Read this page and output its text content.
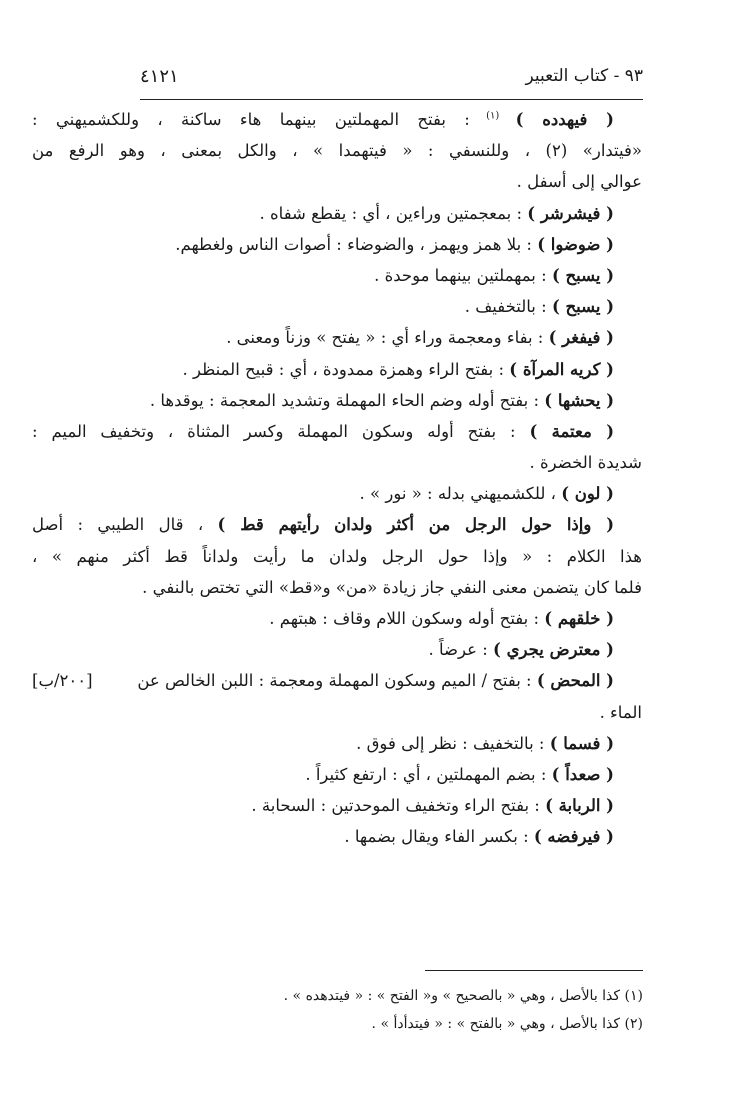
٩٣ - كتاب التعبير
٤١٢١
( فيهدده ) $^{(١)}$ : بفتح المهملتين بينهما هاء ساكنة ، وللكشميهني :
«فيتدار» (٢) ، وللنسفي : « فيتهمدا » ، والكل بمعنى ، وهو الرفع من
عوالي إلى أسفل .
( فيشرشر ) : بمعجمتين وراءين ، أي : يقطع شفاه .
( ضوضوا ) : بلا همز ويهمز ، والضوضاء : أصوات الناس ولغطهم.
( يسبح ) : بمهملتين بينهما موحدة .
( يسبح ) : بالتخفيف .
( فيفغر ) : بفاء ومعجمة وراء أي : « يفتح » وزناً ومعنى .
( كريه المرآة ) : بفتح الراء وهمزة ممدودة ، أي : قبيح المنظر .
( يحشها ) : بفتح أوله وضم الحاء المهملة وتشديد المعجمة : يوقدها .
( معتمة ) : بفتح أوله وسكون المهملة وكسر المثناة ، وتخفيف الميم :
شديدة الخضرة .
( لون ) ، للكشميهني بدله : « نور » .
( وإذا حول الرجل من أكثر ولدان رأيتهم قط ) ، قال الطيبي : أصل
هذا الكلام : « وإذا حول الرجل ولدان ما رأيت ولداناً قط أكثر منهم » ،
فلما كان يتضمن معنى النفي جاز زيادة «من» و«قط» التي تختص بالنفي .
( خلقهم ) : بفتح أوله وسكون اللام وقاف : هبتهم .
( معترض يجري ) : عرضاً .
( المحض ) : بفتح / الميم وسكون المهملة ومعجمة : اللبن الخالص عن
[٢٠٠/ب]
الماء .
( فسما ) : بالتخفيف : نظر إلى فوق .
( صعداً ) : بضم المهملتين ، أي : ارتفع كثيراً .
( الربابة ) : بفتح الراء وتخفيف الموحدتين : السحابة .
( فيرفضه ) : بكسر الفاء ويقال بضمها .
(١) كذا بالأصل ، وهي « بالصحيح » و« الفتح » : « فيتدهده » .
(٢) كذا بالأصل ، وهي « بالفتح » : « فيتدأدأ » .
